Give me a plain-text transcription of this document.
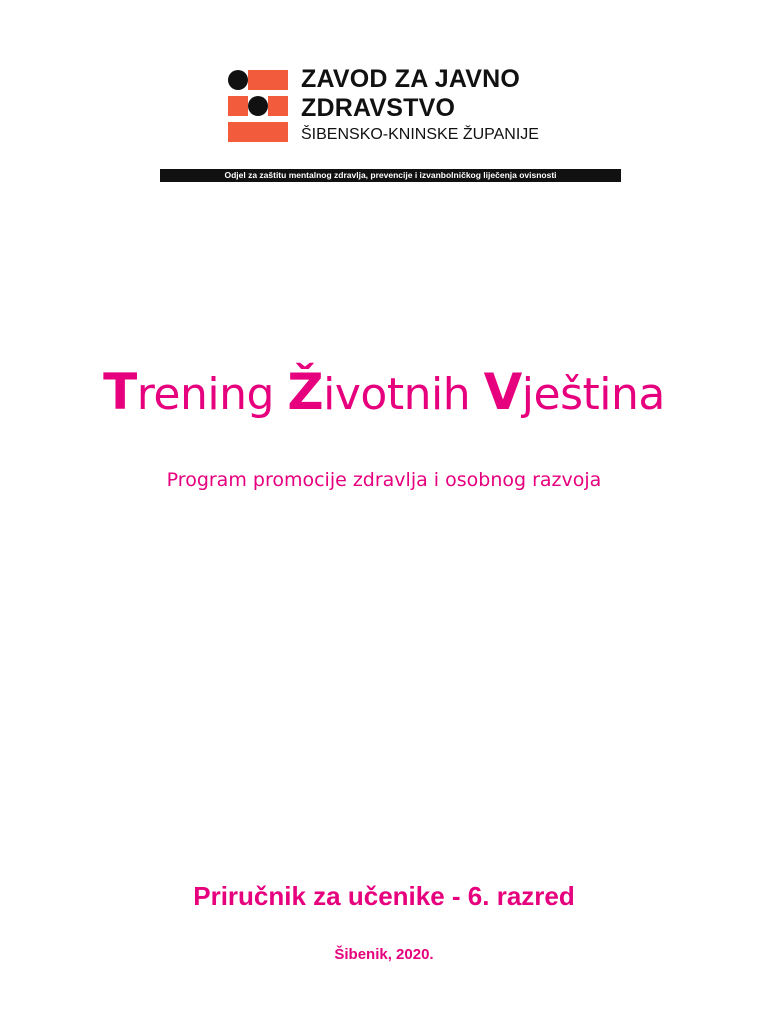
ZAVOD ZA JAVNO
ZDRAVSTVO
ŠIBENSKO-KNINSKE ŽUPANIJE
Odjel za zaštitu mentalnog zdravlja, prevencije i izvanbolničkog liječenja ovisnosti
Trening Životnih Vještina
Program promocije zdravlja i osobnog razvoja
Priručnik za učenike - 6. razred
Šibenik, 2020.
